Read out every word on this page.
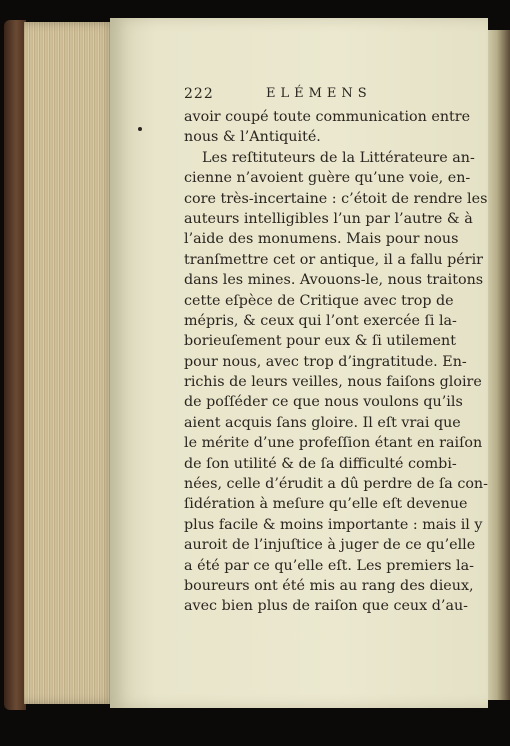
222	ELÉMENS
avoir coupé toute communication entre
nous & l’Antiquité.
Les reſtituteurs de la Littérateure an-
cienne n’avoient guère qu’une voie, en-
core très-incertaine : c’étoit de rendre les
auteurs intelligibles l’un par l’autre & à
l’aide des monumens. Mais pour nous
tranſmettre cet or antique, il a fallu périr
dans les mines. Avouons-le, nous traitons
cette eſpèce de Critique avec trop de
mépris, & ceux qui l’ont exercée ſi la-
borieuſement pour eux & ſi utilement
pour nous, avec trop d’ingratitude. En-
richis de leurs veilles, nous faiſons gloire
de poſſéder ce que nous voulons qu’ils
aient acquis ſans gloire. Il eſt vrai que
le mérite d’une profeſſion étant en raiſon
de ſon utilité & de ſa difficulté combi-
nées, celle d’érudit a dû perdre de ſa con-
ſidération à meſure qu’elle eſt devenue
plus facile & moins importante : mais il y
auroit de l’injuſtice à juger de ce qu’elle
a été par ce qu’elle eſt. Les premiers la-
boureurs ont été mis au rang des dieux,
avec bien plus de raiſon que ceux d’au-
